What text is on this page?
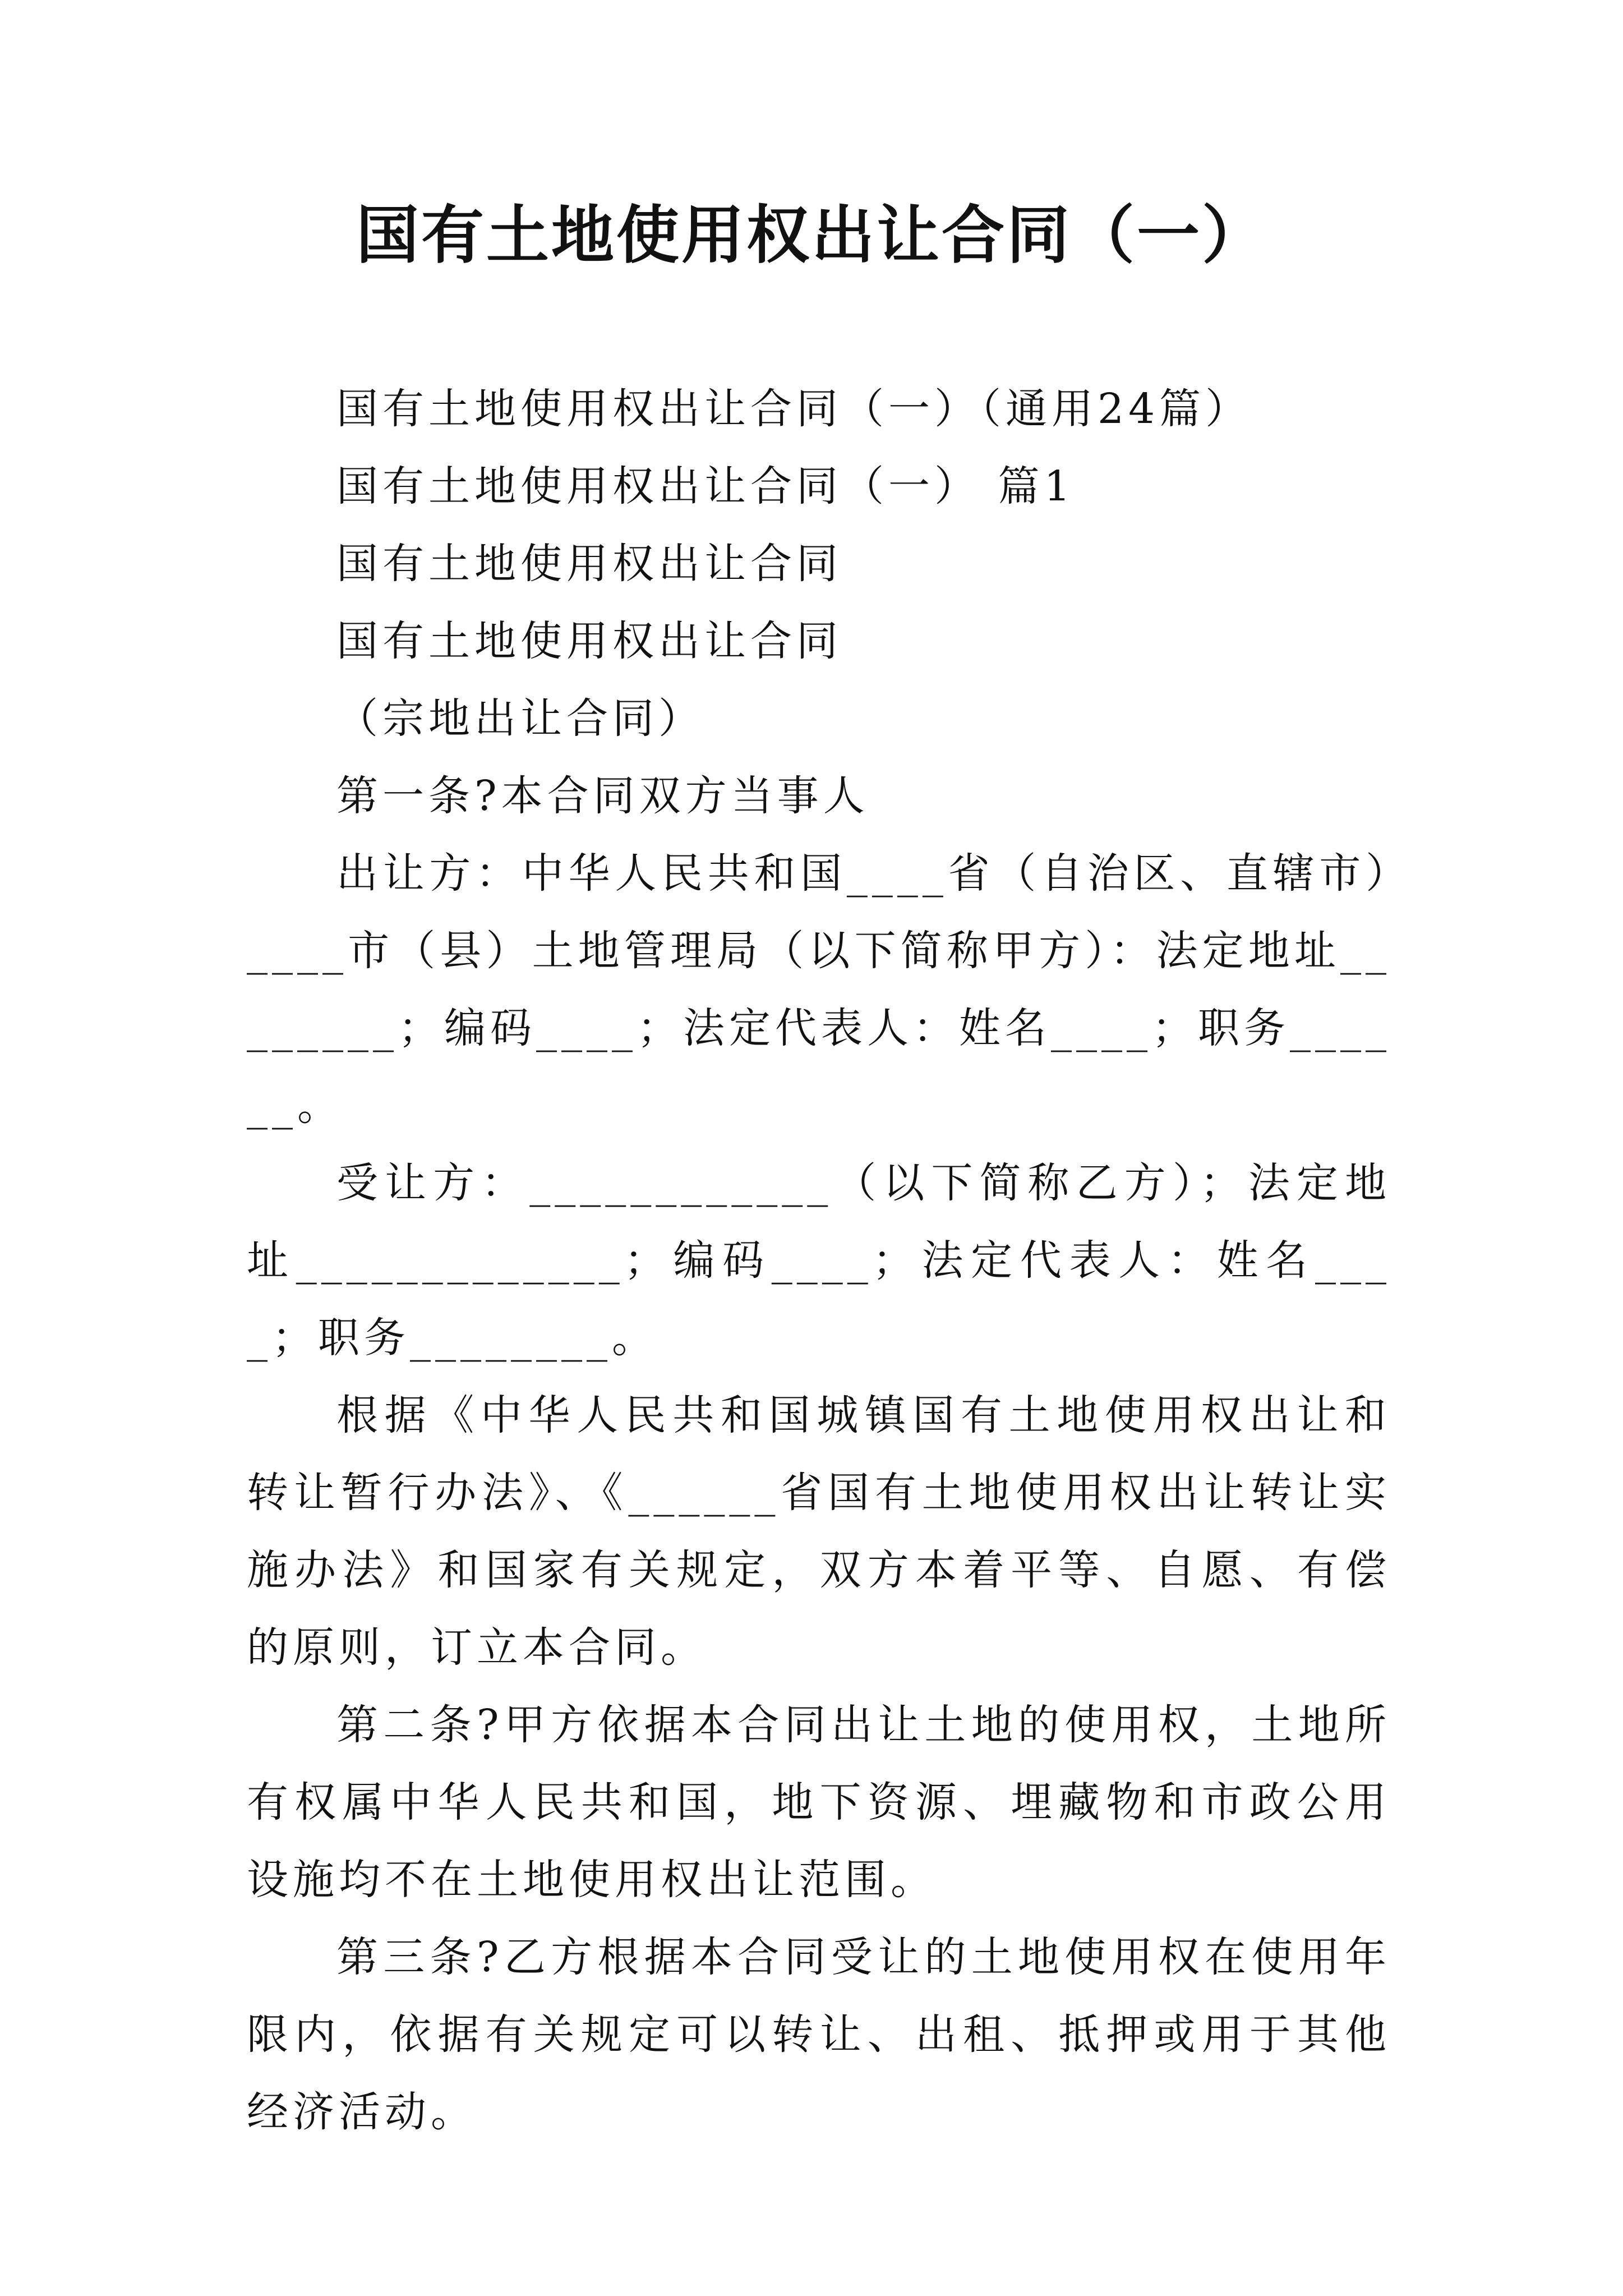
国有土地使用权出让合同（一）

国有土地使用权出让合同（一）（通用24篇）

国有土地使用权出让合同（一） 篇1

国有土地使用权出让合同

国有土地使用权出让合同

（宗地出让合同）

第一条?本合同双方当事人

出让方：中华人民共和国____省（自治区、直辖市）____市（县）土地管理局（以下简称甲方）：法定地址________；编码____；法定代表人：姓名____；职务______。

受让方：____________（以下简称乙方）；法定地址_____________；编码____；法定代表人：姓名____；职务________。

根据《中华人民共和国城镇国有土地使用权出让和转让暂行办法》、《______省国有土地使用权出让转让实施办法》和国家有关规定，双方本着平等、自愿、有偿的原则，订立本合同。

第二条?甲方依据本合同出让土地的使用权，土地所有权属中华人民共和国，地下资源、埋藏物和市政公用设施均不在土地使用权出让范围。

第三条?乙方根据本合同受让的土地使用权在使用年限内，依据有关规定可以转让、出租、抵押或用于其他经济活动。
